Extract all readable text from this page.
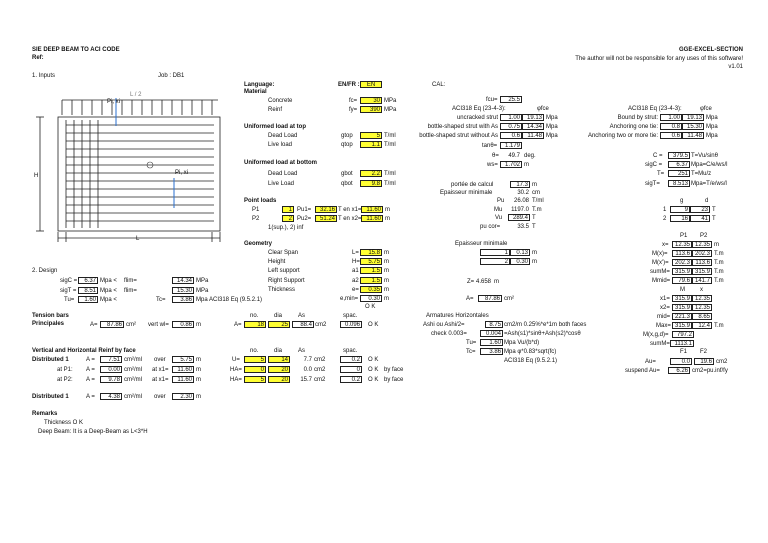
Pi, xi
L / 2
Pi, xi
H
L
SIE DEEP BEAM TO ACI CODE
Ref:
GGE-EXCEL-SECTION
The author will not be responsible for any uses of this software!
v1.01
1. Inputs	Job : DB1
Language:	EN/FR :	EN	CAL:
Material
Concrete	fc=	30 MPa
Reinf	fy=	390 MPa
Uniformed load at top
Dead Load	gtop	5 T/ml
Live load	qtop	1.1 T/ml
Uniformed load at bottom
Dead Load	gbot	2.2 T/ml
Live Load	qbot	9.8 T/ml
Point loads
P1	1 Pu1=	32.16 T en x1= 11.60 m
P2	2 Pu2=	51.24 T en x2= 11.60 m
1(sup.), 2) inf
Geometry
Clear Span	L=	15.8 m
Height	H=	5.75 m
Left support	a1	1.5 m
Right Support	a2	1.5 m
Thickness	e=	0.35 m
e,min=	0.30 m
O K
fcu=	25.5
ACI318 Eq (23-4-3):	φfce
uncracked strut	1.00	19.13 Mpa
bottle-shaped strut with As	0.75	14.34 Mpa
bottle-shaped strut without As	0.6	11.48 Mpa
tanθ=	1.179
θ=	49.7 deg.
ws=	1.702 m
portée de calcul	17.3 m
Epaisseur minimale	30.2 cm
Pu	26.08 T/ml
Mu	1197.0 T.m
Vu	289.4 T
pu cor=	33.5 T
Epaisseur minimale
1	0.13 m
2	0.30 m
Z= 4.658 m
A=	87.86 cm²
ACI318 Eq (23-4-3):	φfce
Bound by strut:	1.00	19.13 Mpa
Anchoring one tie:	0.8	15.30 Mpa
Anchoring two or more tie:	0.6	11.48 Mpa
C =	379.5 T=Vu/sinθ
sigC =	6.37 Mpa=C/e/ws/l
T=	251 T=Mu/z
sigT=	8.513 Mpa=T/e/ws/l
g	d
1	9	23 T
2	16	41 T
P1 P2
x=	12.35 12.35 m
M(x)=	113.6 202.3 T.m
M(x')=	202.3 113.6 T.m
sumM= 315.9 315.9 T.m
Mmid=	79.6 141.7 T.m
M	x
x1= 315.9 12.35
x2= 315.9 12.35
mid= 221.3	8.65
Max= 315.9	12.4 T.m
M(x,g,d)=	797.2
sumM= 1113.1
F1 F2
Au=	0.0	19.6 cm2
suspend Au=	6.26 cm2=pu.inf/fy
2. Design
sigC =	6.37 Mpa < flim=	14.34 MPa
sigT =	8.51 Mpa < flim=	15.30 MPa
Tu=	1.60 Mpa <	Tc=	3.86 Mpa ACI318 Eq (9.5.2.1)
Armatures Horizontales
Ashi ou Ashi/2=	8.75 cm2/m 0.25%*e*1m both faces
check 0.003=	0.004 =Ash(s1)*sinθ+Ash(s2)*cosθ
Tu=	1.60 Mpa Vu/(b*d)
Tc=	3.86 Mpa φ*0.83*sqrt(fc)
ACI318 Eq (9.5.2.1)
Tension bars
Principales	A=	87.86 cm² vert wl=	0.86 m
no.	dia	As	spac.
A=	18	25	88.4 cm2	0.096	O K
Vertical and Horizontal Reinf by face
Distributed 1	A =	7.51 cm²/ml over	5.75 m
at P1: A =	0.00 cm²/ml at x1=	11.60 m
at P2: A =	9.78 cm²/ml at x1=	11.60 m
no.	dia	As	spac.
U=	5	14	7.7 cm2	0.2	O K
HA=	0	20	0.0 cm2	0	O K by face
HA=	5	20	15.7 cm2	0.2	O K by face
Distributed 1	A =	4.38 cm²/ml over	2.30 m
Remarks
Thickness O K
Deep Beam: It is a Deep-Beam as L<3*H
